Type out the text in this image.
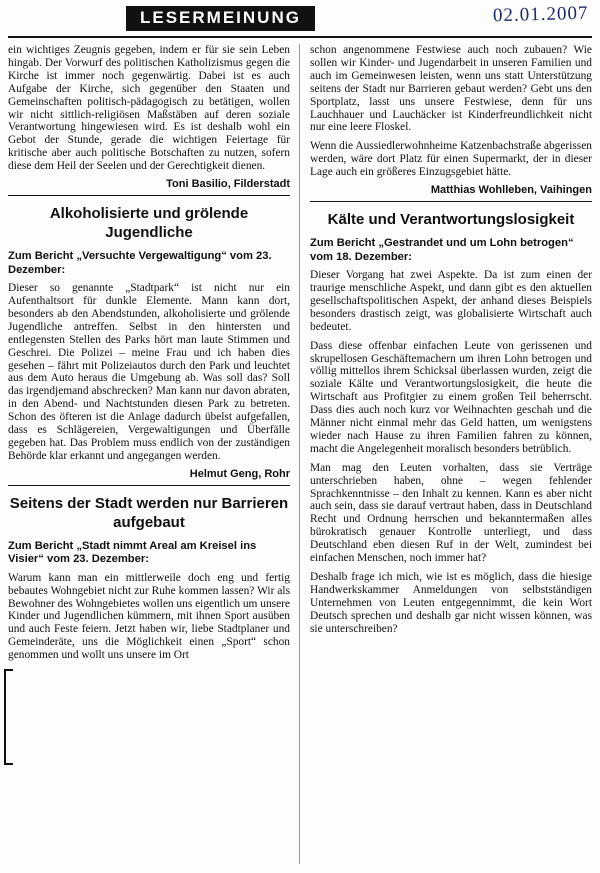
LESERMEINUNG	02.01.2007

ein wichtiges Zeugnis gegeben, indem er für sie sein Leben hingab. Der Vorwurf des politischen Katholizismus gegen die Kirche ist immer noch gegenwärtig. Dabei ist es auch Aufgabe der Kirche, sich gegenüber den Staaten und Gemeinschaften politisch-pädagogisch zu betätigen, wollen wir nicht sittlich-religiösen Maßstäben auf deren soziale Verantwortung hingewiesen wird. Es ist deshalb wohl ein Gebot der Stunde, gerade die wichtigen Feiertage für kritische aber auch politische Botschaften zu nutzen, sofern diese dem Heil der Seelen und der Gerechtigkeit dienen.

Toni Basilio, Filderstadt
Alkoholisierte und grölende Jugendliche
Zum Bericht „Versuchte Vergewaltigung“ vom 23. Dezember:

Dieser so genannte „Stadtpark“ ist nicht nur ein Aufenthaltsort für dunkle Elemente. Mann kann dort, besonders ab den Abendstunden, alkoholisierte und grölende Jugendliche antreffen. Selbst in den hintersten und entlegensten Stellen des Parks hört man laute Stimmen und Geschrei. Die Polizei – meine Frau und ich haben dies gesehen – fährt mit Polizeiautos durch den Park und leuchtet aus dem Auto heraus die Umgebung ab. Was soll das? Soll das irgendjemand abschrecken? Man kann nur davon abraten, in den Abend- und Nachtstunden diesen Park zu betreten. Schon des öfteren ist die Anlage dadurch übelst aufgefallen, dass es Schlägereien, Vergewaltigungen und Überfälle gegeben hat. Das Problem muss endlich von der zuständigen Behörde klar erkannt und angegangen werden.

Helmut Geng, Rohr
Seitens der Stadt werden nur Barrieren aufgebaut
Zum Bericht „Stadt nimmt Areal am Kreisel ins Visier“ vom 23. Dezember:

Warum kann man ein mittlerweile doch eng und fertig bebautes Wohngebiet nicht zur Ruhe kommen lassen? Wir als Bewohner des Wohngebietes wollen uns eigentlich um unsere Kinder und Jugendlichen kümmern, mit ihnen Sport ausüben und auch Feste feiern. Jetzt haben wir, liebe Stadtplaner und Gemeinderäte, uns die Möglichkeit einen „Sport“ schon genommen und wollt uns unsere im Ort

schon angenommene Festwiese auch noch zubauen? Wie sollen wir Kinder- und Jugendarbeit in unseren Familien und auch im Gemeinwesen leisten, wenn uns statt Unterstützung seitens der Stadt nur Barrieren gebaut werden? Gebt uns den Sportplatz, lasst uns unsere Festwiese, denn für uns Lauchhauer und Lauchäcker ist Kinderfreundlichkeit nicht nur eine leere Floskel.

Wenn die Aussiedlerwohnheime Katzenbachstraße abgerissen werden, wäre dort Platz für einen Supermarkt, der in dieser Lage auch ein größeres Einzugsgebiet hätte.

Matthias Wohlleben, Vaihingen
Kälte und Verantwortungslosigkeit
Zum Bericht „Gestrandet und um Lohn betrogen“ vom 18. Dezember:

Dieser Vorgang hat zwei Aspekte. Da ist zum einen der traurige menschliche Aspekt, und dann gibt es den aktuellen gesellschaftspolitischen Aspekt, der anhand dieses Beispiels besonders drastisch zeigt, was globalisierte Wirtschaft auch bedeutet.

Dass diese offenbar einfachen Leute von gerissenen und skrupellosen Geschäftemachern um ihren Lohn betrogen und völlig mittellos ihrem Schicksal überlassen wurden, zeigt die soziale Kälte und Verantwortungslosigkeit, die heute die Wirtschaft aus Profitgier zu einem großen Teil beherrscht. Dass dies auch noch kurz vor Weihnachten geschah und die Männer nicht einmal mehr das Geld hatten, um wenigstens wieder nach Hause zu ihren Familien fahren zu können, macht die Angelegenheit moralisch besonders betrüblich.

Man mag den Leuten vorhalten, dass sie Verträge unterschrieben haben, ohne – wegen fehlender Sprachkenntnisse – den Inhalt zu kennen. Kann es aber nicht auch sein, dass sie darauf vertraut haben, dass in Deutschland Recht und Ordnung herrschen und bekanntermaßen alles bürokratisch genauer Kontrolle unterliegt, und dass Deutschland eben diesen Ruf in der Welt, zumindest bei einfachen Menschen, noch immer hat?

Deshalb frage ich mich, wie ist es möglich, dass die hiesige Handwerkskammer Anmeldungen von selbstständigen Unternehmen von Leuten entgegennimmt, die kein Wort Deutsch sprechen und deshalb gar nicht wissen können, was sie unterschreiben?
